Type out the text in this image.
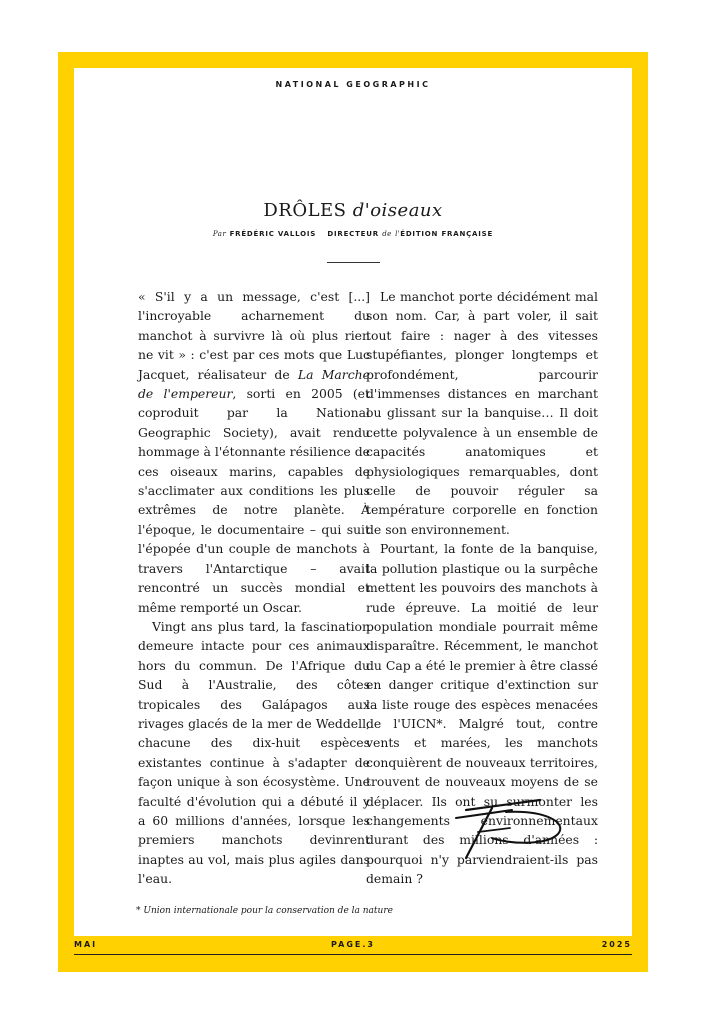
NATIONAL GEOGRAPHIC
DRÔLES d'oiseaux
Par FRÉDÉRIC VALLOIS DIRECTEUR de l'ÉDITION FRANÇAISE

« S'il y a un message, c'est [...] l'incroyable acharnement du manchot à survivre là où plus rien ne vit » : c'est par ces mots que Luc Jacquet, réalisateur de La Marche de l'empereur, sorti en 2005 (et coproduit par la National Geographic Society), avait rendu hommage à l'étonnante résilience de ces oiseaux marins, capables de s'acclimater aux conditions les plus extrêmes de notre planète. À l'époque, le documentaire – qui suit l'épopée d'un couple de manchots à travers l'Antarctique – avait rencontré un succès mondial et même remporté un Oscar.

Vingt ans plus tard, la fascination demeure intacte pour ces animaux hors du commun. De l'Afrique du Sud à l'Australie, des côtes tropicales des Galápagos aux rivages glacés de la mer de Weddell, chacune des dix-huit espèces existantes continue à s'adapter de façon unique à son écosystème. Une faculté d'évolution qui a débuté il y a 60 millions d'années, lorsque les premiers manchots devinrent inaptes au vol, mais plus agiles dans l'eau.

Le manchot porte décidément mal son nom. Car, à part voler, il sait tout faire : nager à des vitesses stupéfiantes, plonger longtemps et profondément, parcourir d'immenses distances en marchant ou glissant sur la banquise… Il doit cette polyvalence à un ensemble de capacités anatomiques et physiologiques remarquables, dont celle de pouvoir réguler sa température corporelle en fonction de son environnement.

Pourtant, la fonte de la banquise, la pollution plastique ou la surpêche mettent les pouvoirs des manchots à rude épreuve. La moitié de leur population mondiale pourrait même disparaître. Récemment, le manchot du Cap a été le premier à être classé en danger critique d'extinction sur la liste rouge des espèces menacées de l'UICN*. Malgré tout, contre vents et marées, les manchots conquièrent de nouveaux territoires, trouvent de nouveaux moyens de se déplacer. Ils ont su surmonter les changements environnementaux durant des millions d'années : pourquoi n'y parviendraient-ils pas demain ?

* Union internationale pour la conservation de la nature
MAI	PAGE.3	2025
